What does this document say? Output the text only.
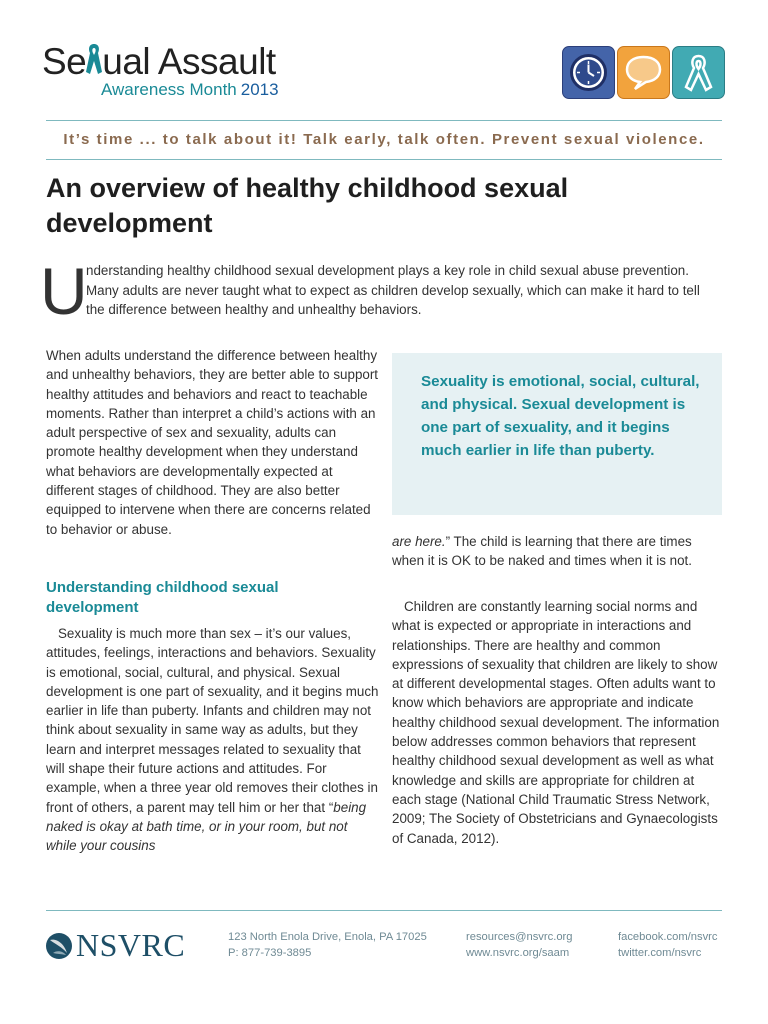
Se ual Assault
Awareness Month 2013
It’s time ... to talk about it! Talk early, talk often. Prevent sexual violence.
An overview of healthy childhood sexual development
U
nderstanding healthy childhood sexual development plays a key role in child sexual abuse prevention. Many adults are never taught what to expect as children develop sexually, which can make it hard to tell the difference between healthy and unhealthy behaviors.
When adults understand the difference between healthy and unhealthy behaviors, they are better able to support healthy attitudes and behaviors and react to teachable moments. Rather than interpret a child’s actions with an adult perspective of sex and sexuality, adults can promote healthy development when they understand what behaviors are developmentally expected at different stages of childhood. They are also better equipped to intervene when there are concerns related to behavior or abuse.
Understanding childhood sexual development
Sexuality is much more than sex – it’s our values, attitudes, feelings, interactions and behaviors. Sexuality is emotional, social, cultural, and physical. Sexual development is one part of sexuality, and it begins much earlier in life than puberty. Infants and children may not think about sexuality in same way as adults, but they learn and interpret messages related to sexuality that will shape their future actions and attitudes. For example, when a three year old removes their clothes in front of others, a parent may tell him or her that “being naked is okay at bath time, or in your room, but not while your cousins
Sexuality is emotional, social, cultural, and physical. Sexual development is one part of sexuality, and it begins much earlier in life than puberty.
are here.” The child is learning that there are times when it is OK to be naked and times when it is not.
Children are constantly learning social norms and what is expected or appropriate in interactions and relationships. There are healthy and common expressions of sexuality that children are likely to show at different developmental stages. Often adults want to know which behaviors are appropriate and indicate healthy childhood sexual development. The information below addresses common behaviors that represent healthy childhood sexual development as well as what knowledge and skills are appropriate for children at each stage (National Child Traumatic Stress Network, 2009; The Society of Obstetricians and Gynaecologists of Canada, 2012).
NSVRC	123 North Enola Drive, Enola, PA 17025
P: 877-739-3895
resources@nsvrc.org
www.nsvrc.org/saam
facebook.com/nsvrc
twitter.com/nsvrc
